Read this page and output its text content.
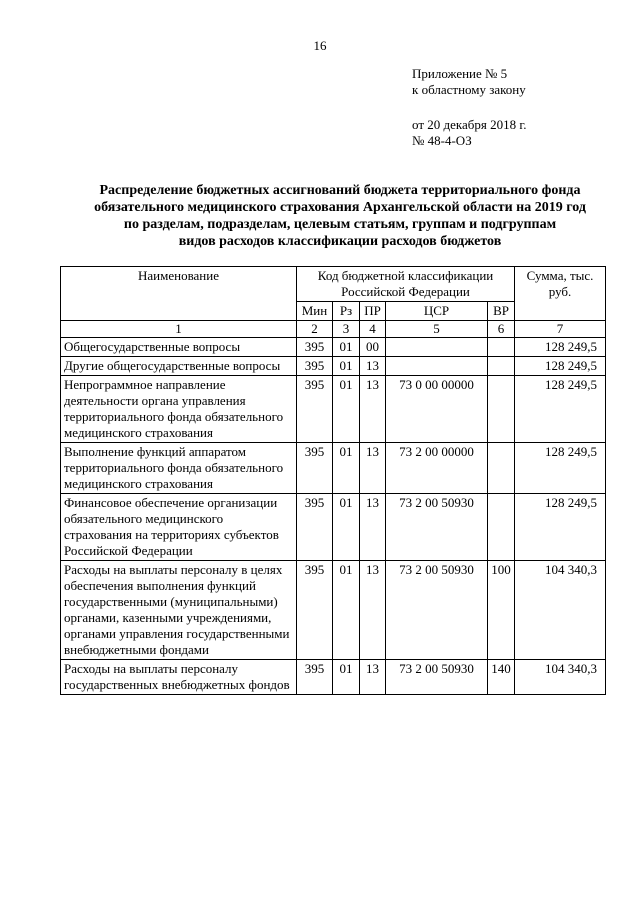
16
Приложение № 5
к областному закону
от 20 декабря 2018 г.
№ 48-4-ОЗ
Распределение бюджетных ассигнований бюджета территориального фонда
обязательного медицинского страхования Архангельской области на 2019 год
по разделам, подразделам, целевым статьям, группам и подгруппам
видов расходов классификации расходов бюджетов
Наименование	Код бюджетной классификации Российской Федерации					Сумма, тыс. руб.
	Мин	Рз	ПР	ЦСР	ВР	
1	2	3	4	5	6	7
Общегосударственные вопросы	395	01	00			128 249,5
Другие общегосударственные вопросы	395	01	13			128 249,5
Непрограммное направление деятельности органа управления территориального фонда обязательного медицинского страхования	395	01	13	73 0 00 00000		128 249,5
Выполнение функций аппаратом территориального фонда обязательного медицинского страхования	395	01	13	73 2 00 00000		128 249,5
Финансовое обеспечение организации обязательного медицинского страхования на территориях субъектов Российской Федерации	395	01	13	73 2 00 50930		128 249,5
Расходы на выплаты персоналу в целях обеспечения выполнения функций государственными (муниципальными) органами, казенными учреждениями, органами управления государственными внебюджетными фондами	395	01	13	73 2 00 50930	100	104 340,3
Расходы на выплаты персоналу государственных внебюджетных фондов	395	01	13	73 2 00 50930	140	104 340,3
